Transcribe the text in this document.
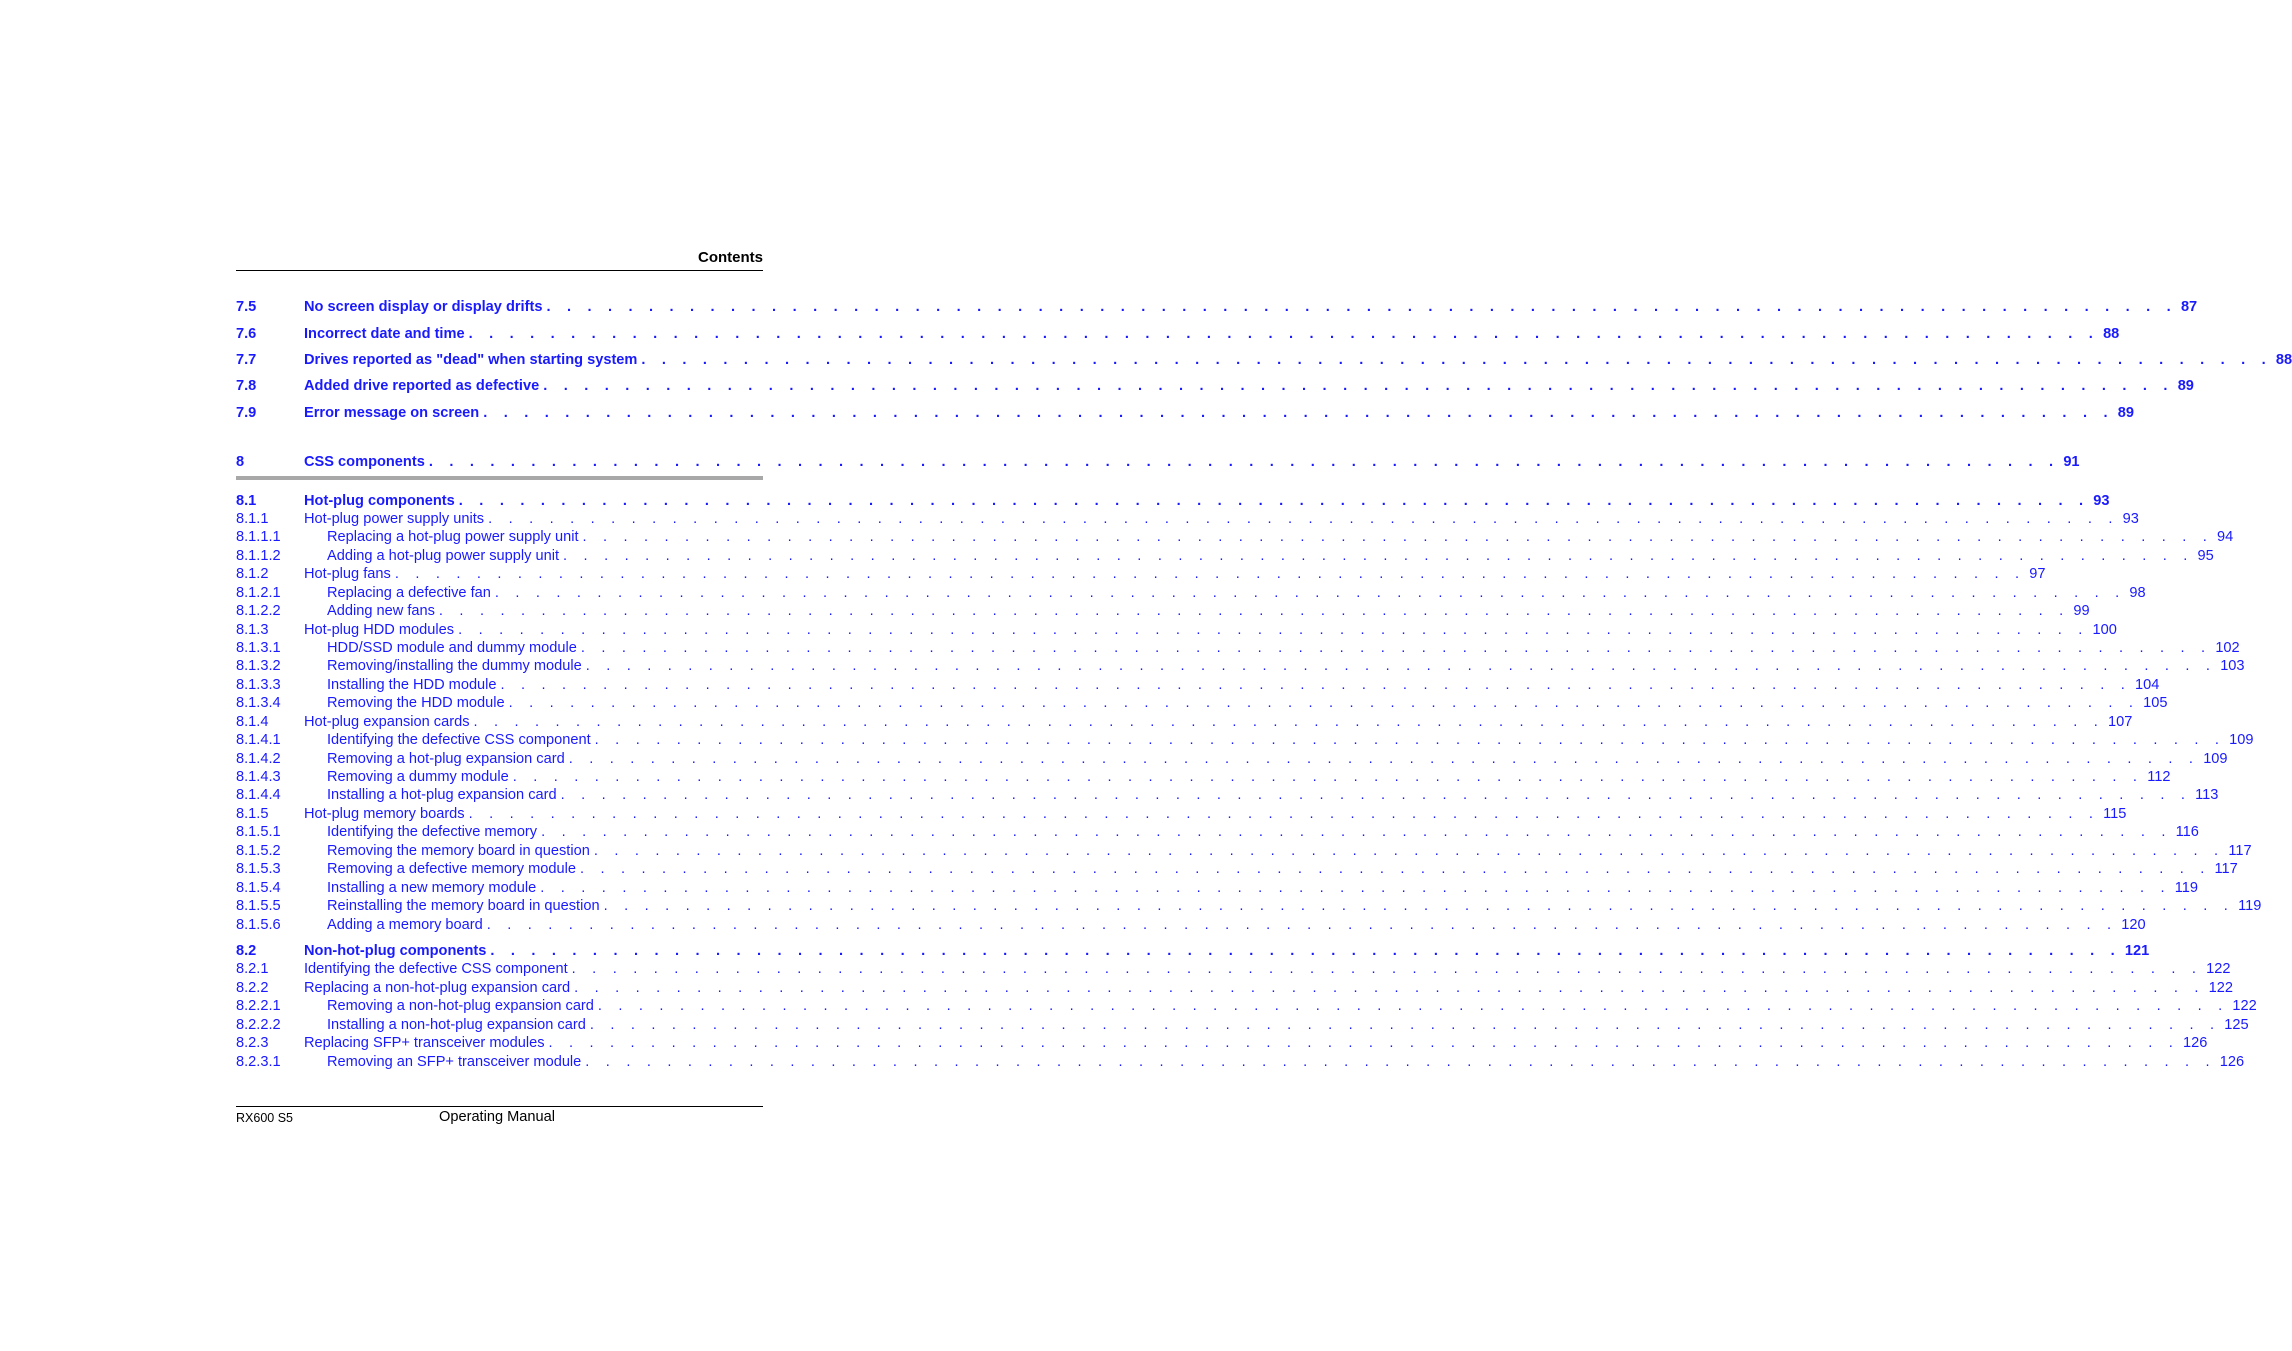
Contents
7.5	No screen display or display drifts . . . . . . . . . . . . . . . . . . . . . . . . . . . . . . . . . . . . . . . . . . . . . . . . . . . . . . . . . . . . . . . . . . . . . . . . . . . . . . . . 87
7.6	Incorrect date and time . . . . . . . . . . . . . . . . . . . . . . . . . . . . . . . . . . . . . . . . . . . . . . . . . . . . . . . . . . . . . . . . . . . . . . . . . . . . . . . . 88
7.7	Drives reported as "dead" when starting system . . . . . . . . . . . . . . . . . . . . . . . . . . . . . . . . . . . . . . . . . . . . . . . . . . . . . . . . . . . . . . . . . . . . . . . . . . . . . . . . 88
7.8	Added drive reported as defective . . . . . . . . . . . . . . . . . . . . . . . . . . . . . . . . . . . . . . . . . . . . . . . . . . . . . . . . . . . . . . . . . . . . . . . . . . . . . . . . 89
7.9	Error message on screen . . . . . . . . . . . . . . . . . . . . . . . . . . . . . . . . . . . . . . . . . . . . . . . . . . . . . . . . . . . . . . . . . . . . . . . . . . . . . . . . 89
8	CSS components . . . . . . . . . . . . . . . . . . . . . . . . . . . . . . . . . . . . . . . . . . . . . . . . . . . . . . . . . . . . . . . . . . . . . . . . . . . . . . . . 91
8.1	Hot-plug components . . . . . . . . . . . . . . . . . . . . . . . . . . . . . . . . . . . . . . . . . . . . . . . . . . . . . . . . . . . . . . . . . . . . . . . . . . . . . . . . 93
8.1.1	Hot-plug power supply units . . . . . . . . . . . . . . . . . . . . . . . . . . . . . . . . . . . . . . . . . . . . . . . . . . . . . . . . . . . . . . . . . . . . . . . . . . . . . . . . 93
8.1.1.1	Replacing a hot-plug power supply unit . . . . . . . . . . . . . . . . . . . . . . . . . . . . . . . . . . . . . . . . . . . . . . . . . . . . . . . . . . . . . . . . . . . . . . . . . . . . . . . . 94
8.1.1.2	Adding a hot-plug power supply unit . . . . . . . . . . . . . . . . . . . . . . . . . . . . . . . . . . . . . . . . . . . . . . . . . . . . . . . . . . . . . . . . . . . . . . . . . . . . . . . . 95
8.1.2	Hot-plug fans . . . . . . . . . . . . . . . . . . . . . . . . . . . . . . . . . . . . . . . . . . . . . . . . . . . . . . . . . . . . . . . . . . . . . . . . . . . . . . . . 97
8.1.2.1	Replacing a defective fan . . . . . . . . . . . . . . . . . . . . . . . . . . . . . . . . . . . . . . . . . . . . . . . . . . . . . . . . . . . . . . . . . . . . . . . . . . . . . . . . 98
8.1.2.2	Adding new fans . . . . . . . . . . . . . . . . . . . . . . . . . . . . . . . . . . . . . . . . . . . . . . . . . . . . . . . . . . . . . . . . . . . . . . . . . . . . . . . . 99
8.1.3	Hot-plug HDD modules . . . . . . . . . . . . . . . . . . . . . . . . . . . . . . . . . . . . . . . . . . . . . . . . . . . . . . . . . . . . . . . . . . . . . . . . . . . . . . . . 100
8.1.3.1	HDD/SSD module and dummy module . . . . . . . . . . . . . . . . . . . . . . . . . . . . . . . . . . . . . . . . . . . . . . . . . . . . . . . . . . . . . . . . . . . . . . . . . . . . . . . . 102
8.1.3.2	Removing/installing the dummy module . . . . . . . . . . . . . . . . . . . . . . . . . . . . . . . . . . . . . . . . . . . . . . . . . . . . . . . . . . . . . . . . . . . . . . . . . . . . . . . . 103
8.1.3.3	Installing the HDD module . . . . . . . . . . . . . . . . . . . . . . . . . . . . . . . . . . . . . . . . . . . . . . . . . . . . . . . . . . . . . . . . . . . . . . . . . . . . . . . . 104
8.1.3.4	Removing the HDD module . . . . . . . . . . . . . . . . . . . . . . . . . . . . . . . . . . . . . . . . . . . . . . . . . . . . . . . . . . . . . . . . . . . . . . . . . . . . . . . . 105
8.1.4	Hot-plug expansion cards . . . . . . . . . . . . . . . . . . . . . . . . . . . . . . . . . . . . . . . . . . . . . . . . . . . . . . . . . . . . . . . . . . . . . . . . . . . . . . . . 107
8.1.4.1	Identifying the defective CSS component . . . . . . . . . . . . . . . . . . . . . . . . . . . . . . . . . . . . . . . . . . . . . . . . . . . . . . . . . . . . . . . . . . . . . . . . . . . . . . . . 109
8.1.4.2	Removing a hot-plug expansion card . . . . . . . . . . . . . . . . . . . . . . . . . . . . . . . . . . . . . . . . . . . . . . . . . . . . . . . . . . . . . . . . . . . . . . . . . . . . . . . . 109
8.1.4.3	Removing a dummy module . . . . . . . . . . . . . . . . . . . . . . . . . . . . . . . . . . . . . . . . . . . . . . . . . . . . . . . . . . . . . . . . . . . . . . . . . . . . . . . . 112
8.1.4.4	Installing a hot-plug expansion card . . . . . . . . . . . . . . . . . . . . . . . . . . . . . . . . . . . . . . . . . . . . . . . . . . . . . . . . . . . . . . . . . . . . . . . . . . . . . . . . 113
8.1.5	Hot-plug memory boards . . . . . . . . . . . . . . . . . . . . . . . . . . . . . . . . . . . . . . . . . . . . . . . . . . . . . . . . . . . . . . . . . . . . . . . . . . . . . . . . 115
8.1.5.1	Identifying the defective memory . . . . . . . . . . . . . . . . . . . . . . . . . . . . . . . . . . . . . . . . . . . . . . . . . . . . . . . . . . . . . . . . . . . . . . . . . . . . . . . . 116
8.1.5.2	Removing the memory board in question . . . . . . . . . . . . . . . . . . . . . . . . . . . . . . . . . . . . . . . . . . . . . . . . . . . . . . . . . . . . . . . . . . . . . . . . . . . . . . . . 117
8.1.5.3	Removing a defective memory module . . . . . . . . . . . . . . . . . . . . . . . . . . . . . . . . . . . . . . . . . . . . . . . . . . . . . . . . . . . . . . . . . . . . . . . . . . . . . . . . 117
8.1.5.4	Installing a new memory module . . . . . . . . . . . . . . . . . . . . . . . . . . . . . . . . . . . . . . . . . . . . . . . . . . . . . . . . . . . . . . . . . . . . . . . . . . . . . . . . 119
8.1.5.5	Reinstalling the memory board in question . . . . . . . . . . . . . . . . . . . . . . . . . . . . . . . . . . . . . . . . . . . . . . . . . . . . . . . . . . . . . . . . . . . . . . . . . . . . . . . . 119
8.1.5.6	Adding a memory board . . . . . . . . . . . . . . . . . . . . . . . . . . . . . . . . . . . . . . . . . . . . . . . . . . . . . . . . . . . . . . . . . . . . . . . . . . . . . . . . 120
8.2	Non-hot-plug components . . . . . . . . . . . . . . . . . . . . . . . . . . . . . . . . . . . . . . . . . . . . . . . . . . . . . . . . . . . . . . . . . . . . . . . . . . . . . . . . 121
8.2.1	Identifying the defective CSS component . . . . . . . . . . . . . . . . . . . . . . . . . . . . . . . . . . . . . . . . . . . . . . . . . . . . . . . . . . . . . . . . . . . . . . . . . . . . . . . . 122
8.2.2	Replacing a non-hot-plug expansion card . . . . . . . . . . . . . . . . . . . . . . . . . . . . . . . . . . . . . . . . . . . . . . . . . . . . . . . . . . . . . . . . . . . . . . . . . . . . . . . . 122
8.2.2.1	Removing a non-hot-plug expansion card . . . . . . . . . . . . . . . . . . . . . . . . . . . . . . . . . . . . . . . . . . . . . . . . . . . . . . . . . . . . . . . . . . . . . . . . . . . . . . . . 122
8.2.2.2	Installing a non-hot-plug expansion card . . . . . . . . . . . . . . . . . . . . . . . . . . . . . . . . . . . . . . . . . . . . . . . . . . . . . . . . . . . . . . . . . . . . . . . . . . . . . . . . 125
8.2.3	Replacing SFP+ transceiver modules . . . . . . . . . . . . . . . . . . . . . . . . . . . . . . . . . . . . . . . . . . . . . . . . . . . . . . . . . . . . . . . . . . . . . . . . . . . . . . . . 126
8.2.3.1	Removing an SFP+ transceiver module . . . . . . . . . . . . . . . . . . . . . . . . . . . . . . . . . . . . . . . . . . . . . . . . . . . . . . . . . . . . . . . . . . . . . . . . . . . . . . . . 126
RX600 S5	Operating Manual
